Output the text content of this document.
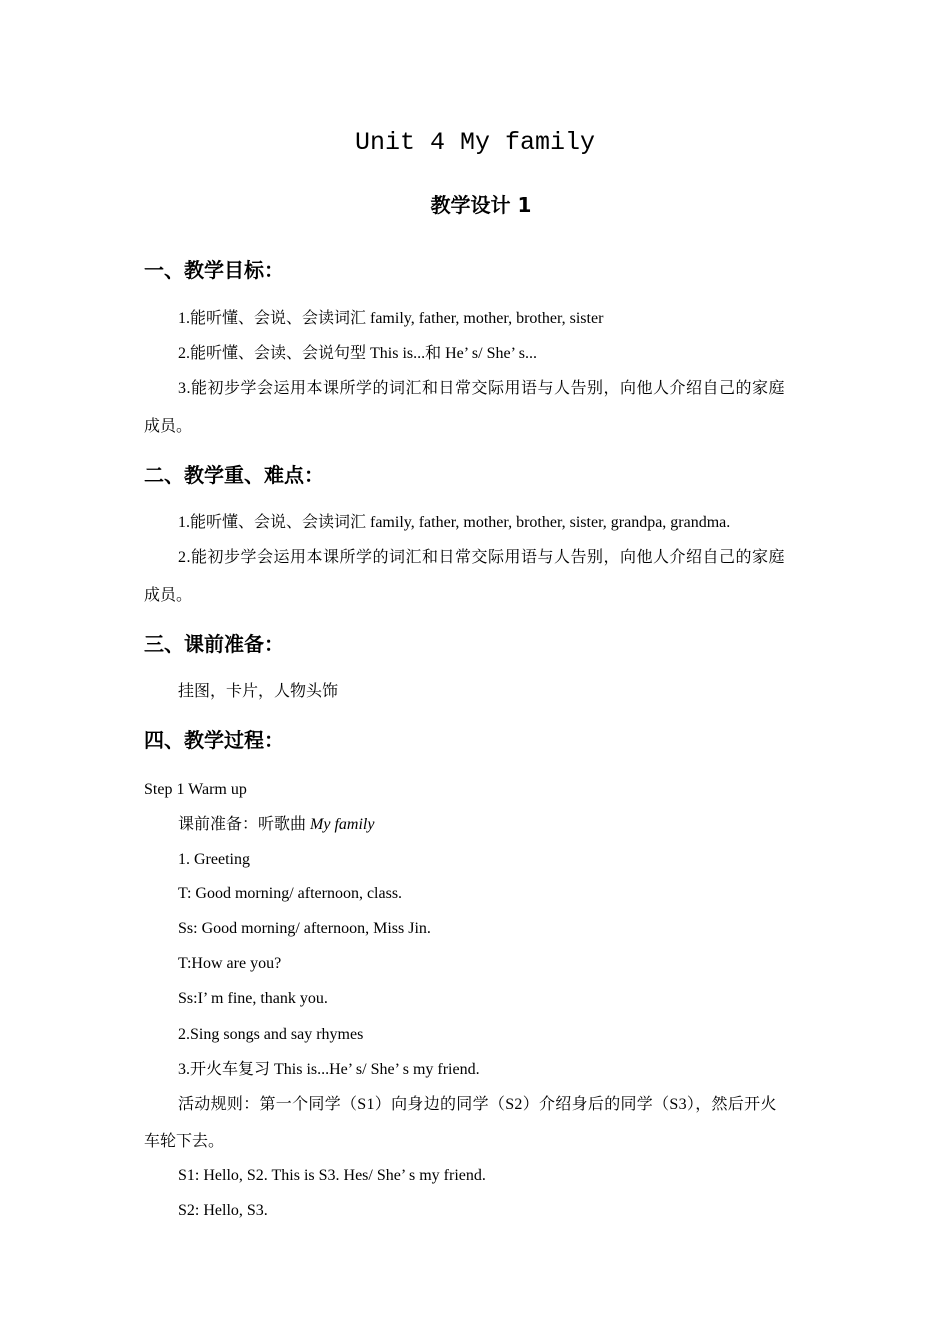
Unit 4 My family
教学设计 1
一、教学目标：
1.能听懂、会说、会读词汇 family, father, mother, brother, sister
2.能听懂、会读、会说句型 This is...和 He’ s/ She’ s...
3.能初步学会运用本课所学的词汇和日常交际用语与人告别，向他人介绍自己的家庭
成员。
二、教学重、难点：
1.能听懂、会说、会读词汇 family, father, mother, brother, sister, grandpa, grandma.
2.能初步学会运用本课所学的词汇和日常交际用语与人告别，向他人介绍自己的家庭
成员。
三、课前准备：
挂图，卡片，人物头饰
四、教学过程：
Step 1 Warm up
课前准备：听歌曲 My family
1. Greeting
T: Good morning/ afternoon, class.
Ss: Good morning/ afternoon, Miss Jin.
T:How are you?
Ss:I’ m fine, thank you.
2.Sing songs and say rhymes
3.开火车复习 This is...He’ s/ She’ s my friend.
活动规则：第一个同学（S1）向身边的同学（S2）介绍身后的同学（S3），然后开火
车轮下去。
S1: Hello, S2. This is S3. Hes/ She’ s my friend.
S2: Hello, S3.
